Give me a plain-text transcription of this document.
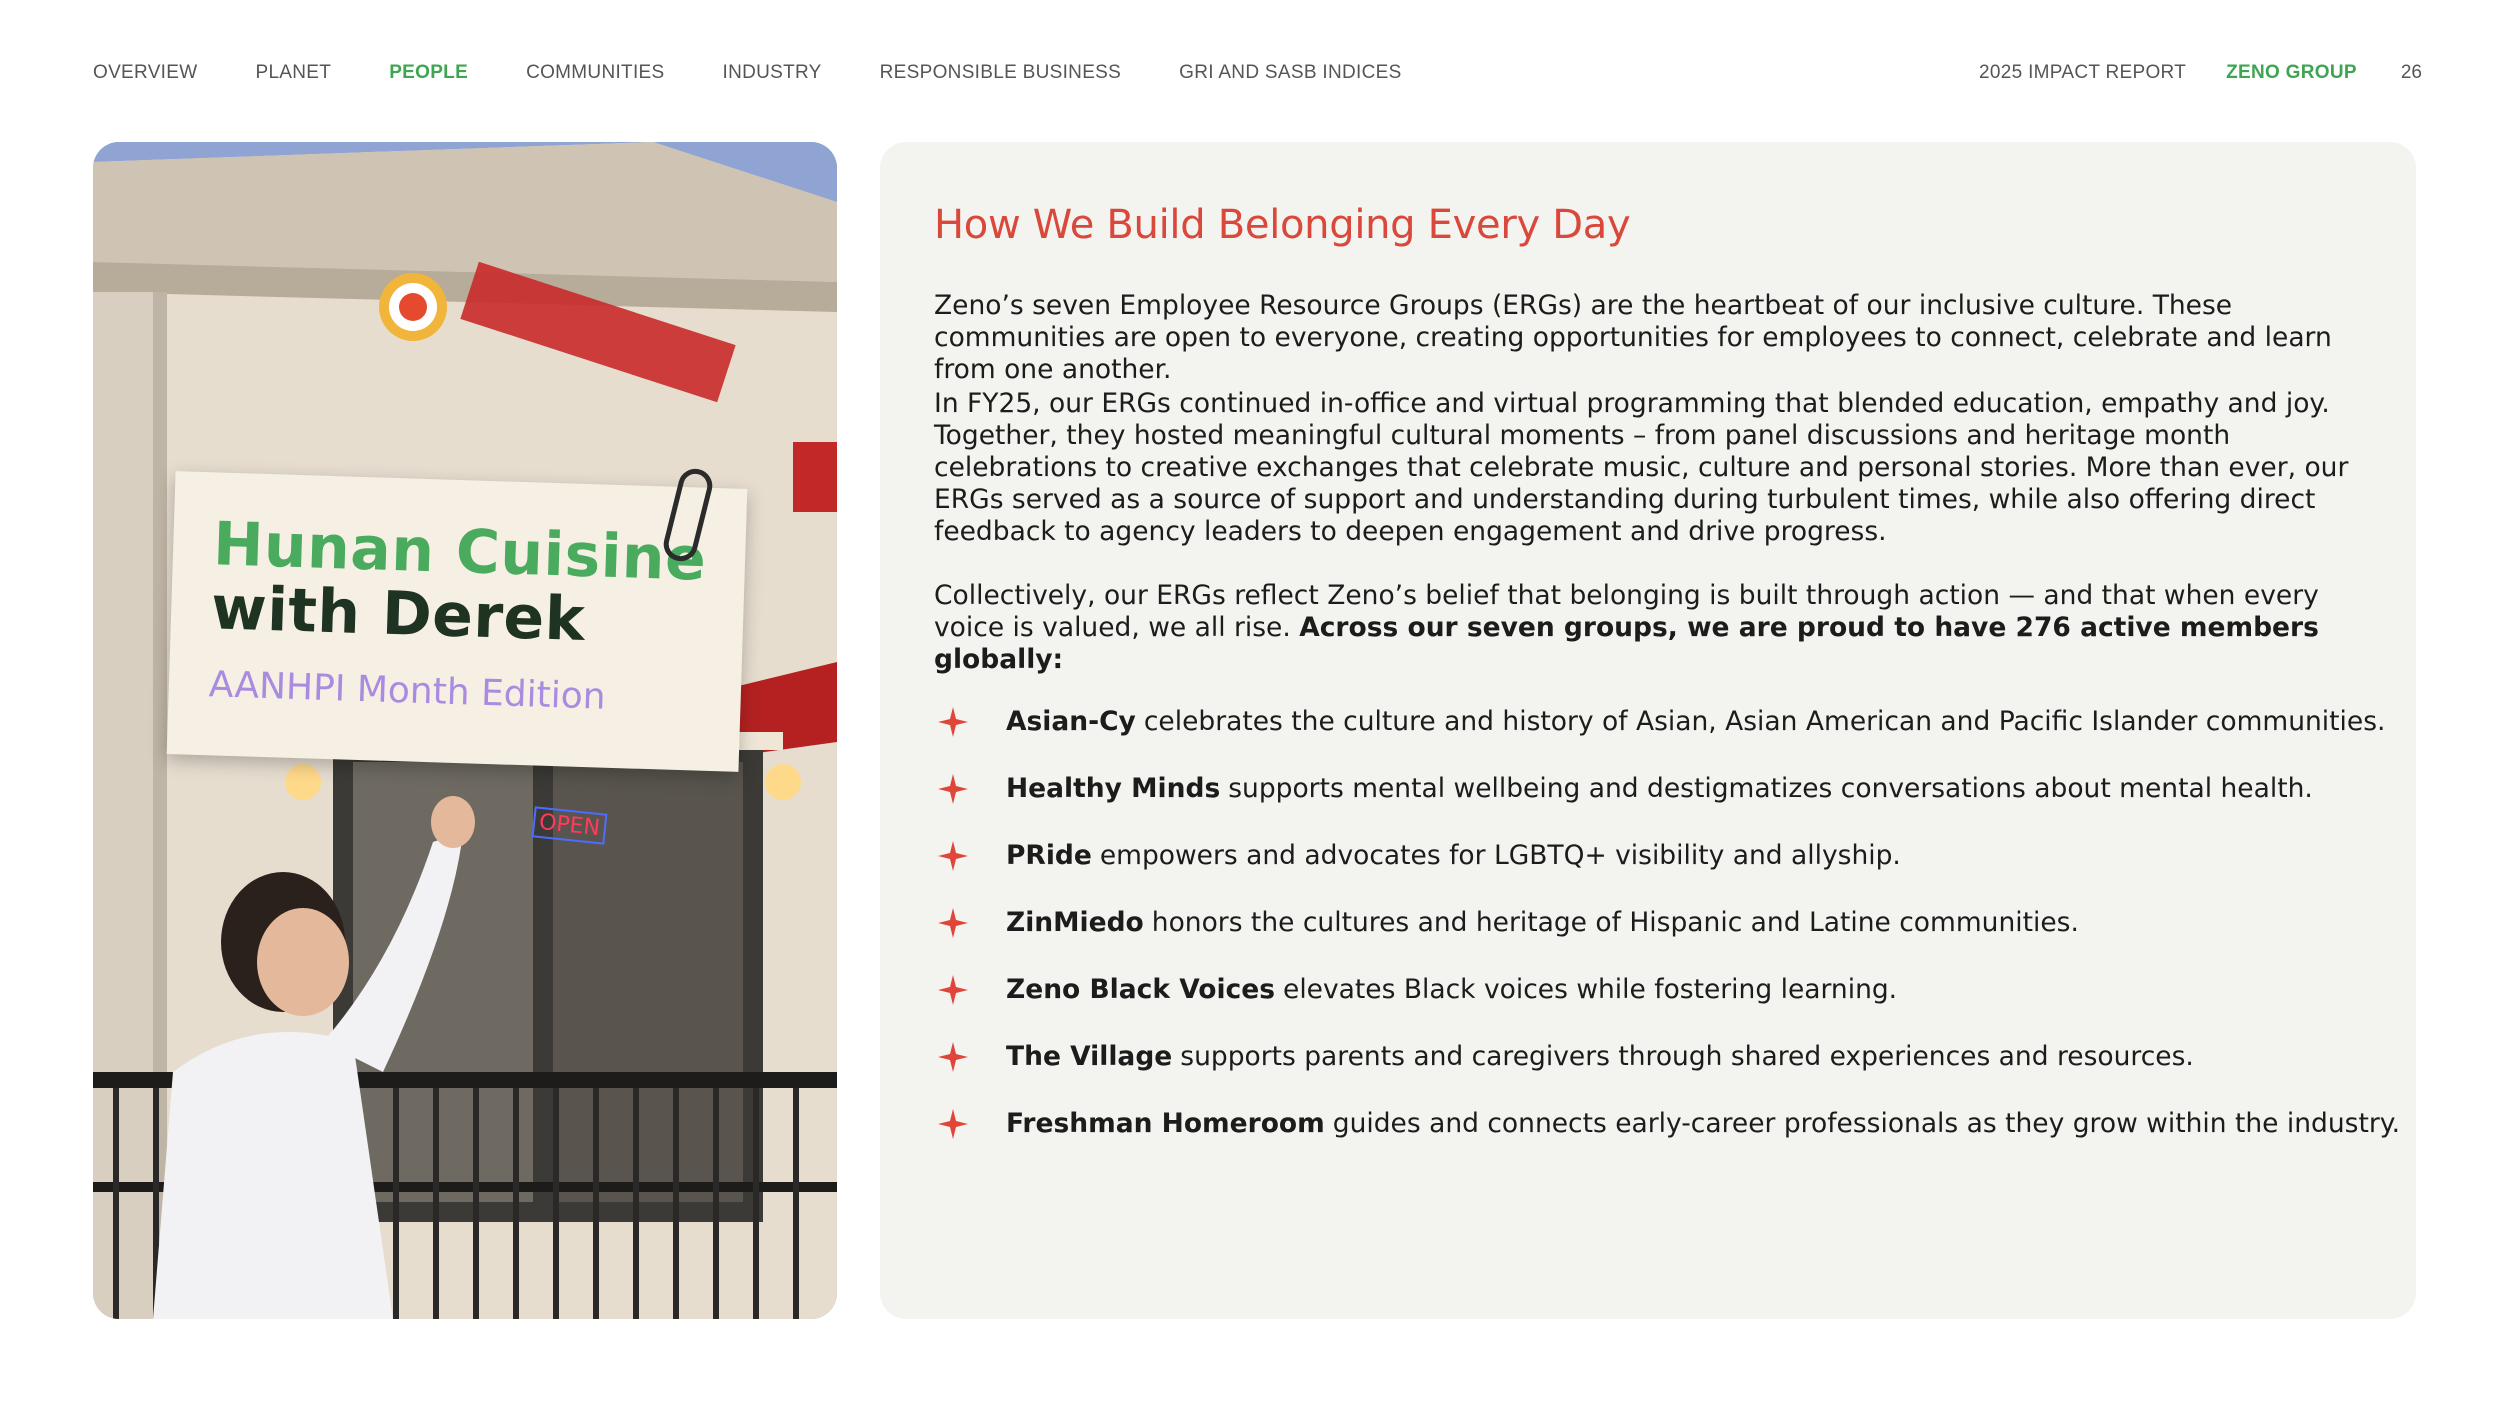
OVERVIEW	PLANET	PEOPLE	COMMUNITIES	INDUSTRY	RESPONSIBLE BUSINESS	GRI AND SASB INDICES	2025 IMPACT REPORT ZENO GROUP 26
Hunan Cuisine
with Derek
AANHPI Month Edition
OPEN
How We Build Belonging Every Day

Zeno’s seven Employee Resource Groups (ERGs) are the heartbeat of our inclusive culture. These communities are open to everyone, creating opportunities for employees to connect, celebrate and learn from one another.

In FY25, our ERGs continued in-office and virtual programming that blended education, empathy and joy. Together, they hosted meaningful cultural moments – from panel discussions and heritage month celebrations to creative exchanges that celebrate music, culture and personal stories. More than ever, our ERGs served as a source of support and understanding during turbulent times, while also offering direct feedback to agency leaders to deepen engagement and drive progress.

Collectively, our ERGs reflect Zeno’s belief that belonging is built through action — and that when every voice is valued, we all rise. Across our seven groups, we are proud to have 276 active members globally:

Asian-Cy celebrates the culture and history of Asian, Asian American and Pacific Islander communities.
Healthy Minds supports mental wellbeing and destigmatizes conversations about mental health.
PRide empowers and advocates for LGBTQ+ visibility and allyship.
ZinMiedo honors the cultures and heritage of Hispanic and Latine communities.
Zeno Black Voices elevates Black voices while fostering learning.
The Village supports parents and caregivers through shared experiences and resources.
Freshman Homeroom guides and connects early-career professionals as they grow within the industry.
